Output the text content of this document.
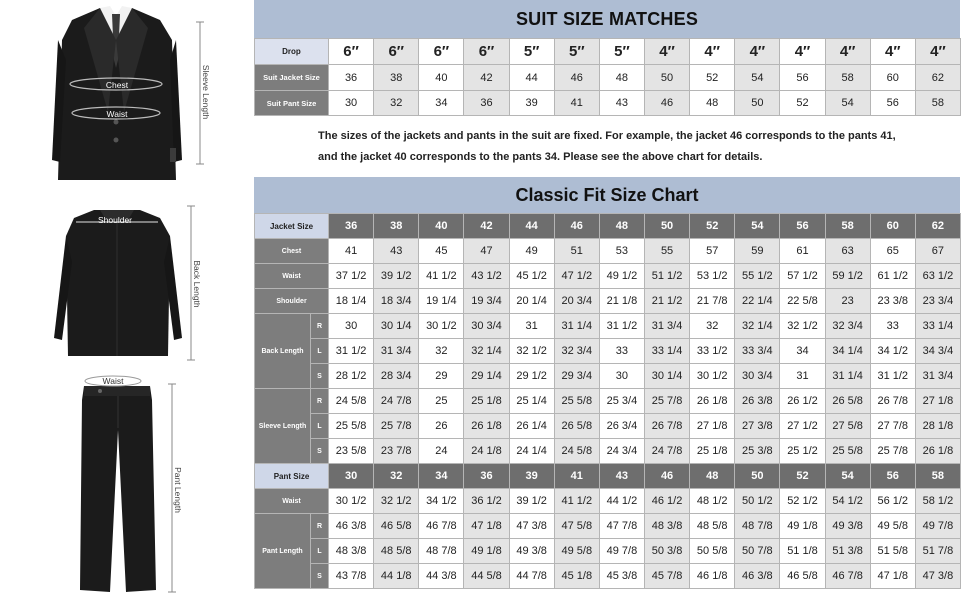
Chest
Waist	Sleeve Length
Shoulder
Back Length
Waist
Pant Length
SUIT SIZE MATCHES
Drop	6′′	6′′	6′′	6′′	5′′	5′′	5′′	4′′	4′′	4′′	4′′	4′′	4′′	4′′
Suit Jacket Size	36	38	40	42	44	46	48	50	52	54	56	58	60	62
Suit Pant Size	30	32	34	36	39	41	43	46	48	50	52	54	56	58
The sizes of the jackets and pants in the suit are fixed. For example, the jacket 46 corresponds to the pants 41,
and the jacket 40 corresponds to the pants 34. Please see the above chart for details.
Classic Fit Size Chart
Jacket Size		36	38	40	42	44	46	48	50	52	54	56	58	60	62
Chest		41	43	45	47	49	51	53	55	57	59	61	63	65	67
Waist		37 1/2	39 1/2	41 1/2	43 1/2	45 1/2	47 1/2	49 1/2	51 1/2	53 1/2	55 1/2	57 1/2	59 1/2	61 1/2	63 1/2
Shoulder		18 1/4	18 3/4	19 1/4	19 3/4	20 1/4	20 3/4	21 1/8	21 1/2	21 7/8	22 1/4	22 5/8	23	23 3/8	23 3/4
Back Length	R	30	30 1/4	30 1/2	30 3/4	31	31 1/4	31 1/2	31 3/4	32	32 1/4	32 1/2	32 3/4	33	33 1/4
	L	31 1/2	31 3/4	32	32 1/4	32 1/2	32 3/4	33	33 1/4	33 1/2	33 3/4	34	34 1/4	34 1/2	34 3/4
	S	28 1/2	28 3/4	29	29 1/4	29 1/2	29 3/4	30	30 1/4	30 1/2	30 3/4	31	31 1/4	31 1/2	31 3/4
Sleeve Length	R	24 5/8	24 7/8	25	25 1/8	25 1/4	25 5/8	25 3/4	25 7/8	26 1/8	26 3/8	26 1/2	26 5/8	26 7/8	27 1/8
	L	25 5/8	25 7/8	26	26 1/8	26 1/4	26 5/8	26 3/4	26 7/8	27 1/8	27 3/8	27 1/2	27 5/8	27 7/8	28 1/8
	S	23 5/8	23 7/8	24	24 1/8	24 1/4	24 5/8	24 3/4	24 7/8	25 1/8	25 3/8	25 1/2	25 5/8	25 7/8	26 1/8
Pant Size		30	32	34	36	39	41	43	46	48	50	52	54	56	58
Waist		30 1/2	32 1/2	34 1/2	36 1/2	39 1/2	41 1/2	44 1/2	46 1/2	48 1/2	50 1/2	52 1/2	54 1/2	56 1/2	58 1/2
Pant Length	R	46 3/8	46 5/8	46 7/8	47 1/8	47 3/8	47 5/8	47 7/8	48 3/8	48 5/8	48 7/8	49 1/8	49 3/8	49 5/8	49 7/8
	L	48 3/8	48 5/8	48 7/8	49 1/8	49 3/8	49 5/8	49 7/8	50 3/8	50 5/8	50 7/8	51 1/8	51 3/8	51 5/8	51 7/8
	S	43 7/8	44 1/8	44 3/8	44 5/8	44 7/8	45 1/8	45 3/8	45 7/8	46 1/8	46 3/8	46 5/8	46 7/8	47 1/8	47 3/8
